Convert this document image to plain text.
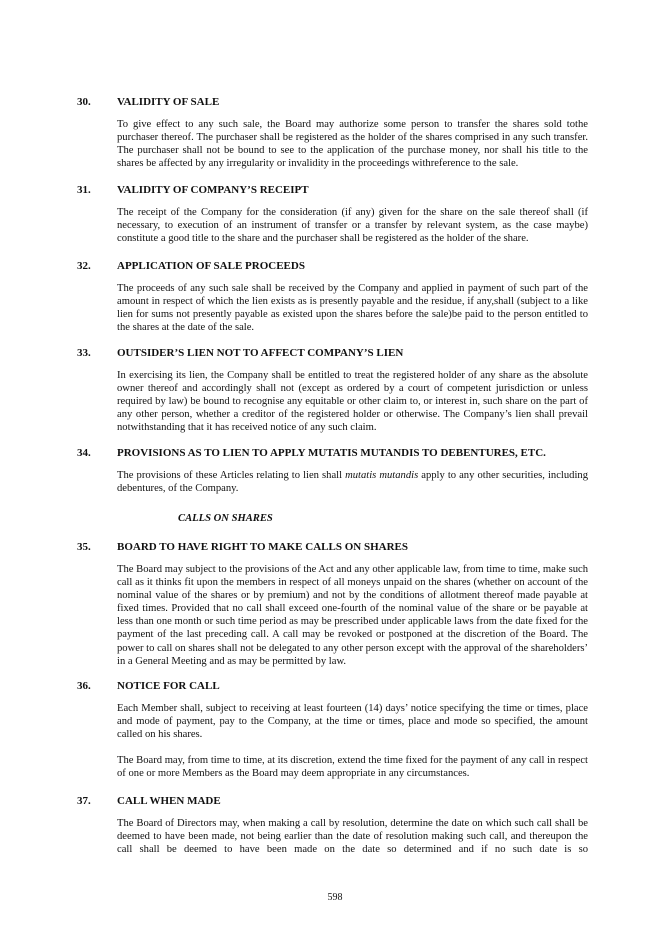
30. VALIDITY OF SALE
To give effect to any such sale, the Board may authorize some person to transfer the shares sold tothe purchaser thereof. The purchaser shall be registered as the holder of the shares comprised in any such transfer. The purchaser shall not be bound to see to the application of the purchase money, nor shall his title to the shares be affected by any irregularity or invalidity in the proceedings withreference to the sale.
31. VALIDITY OF COMPANY’S RECEIPT
The receipt of the Company for the consideration (if any) given for the share on the sale thereof shall (if necessary, to execution of an instrument of transfer or a transfer by relevant system, as the case maybe) constitute a good title to the share and the purchaser shall be registered as the holder of the share.
32. APPLICATION OF SALE PROCEEDS
The proceeds of any such sale shall be received by the Company and applied in payment of such part of the amount in respect of which the lien exists as is presently payable and the residue, if any,shall (subject to a like lien for sums not presently payable as existed upon the shares before the sale)be paid to the person entitled to the shares at the date of the sale.
33. OUTSIDER’S LIEN NOT TO AFFECT COMPANY’S LIEN
In exercising its lien, the Company shall be entitled to treat the registered holder of any share as the absolute owner thereof and accordingly shall not (except as ordered by a court of competent jurisdiction or unless required by law) be bound to recognise any equitable or other claim to, or interest in, such share on the part of any other person, whether a creditor of the registered holder or otherwise. The Company’s lien shall prevail notwithstanding that it has received notice of any such claim.
34. PROVISIONS AS TO LIEN TO APPLY MUTATIS MUTANDIS TO DEBENTURES, ETC.
The provisions of these Articles relating to lien shall mutatis mutandis apply to any other securities, including debentures, of the Company.
CALLS ON SHARES
35. BOARD TO HAVE RIGHT TO MAKE CALLS ON SHARES
The Board may subject to the provisions of the Act and any other applicable law, from time to time, make such call as it thinks fit upon the members in respect of all moneys unpaid on the shares (whether on account of the nominal value of the shares or by premium) and not by the conditions of allotment thereof made payable at fixed times. Provided that no call shall exceed one-fourth of the nominal value of the share or be payable at less than one month or such time period as may be prescribed under applicable laws from the date fixed for the payment of the last preceding call. A call may be revoked or postponed at the discretion of the Board. The power to call on shares shall not be delegated to any other person except with the approval of the shareholders’ in a General Meeting and as may be permitted by law.
36. NOTICE FOR CALL
Each Member shall, subject to receiving at least fourteen (14) days’ notice specifying the time or times, place and mode of payment, pay to the Company, at the time or times, place and mode so specified, the amount called on his shares.
The Board may, from time to time, at its discretion, extend the time fixed for the payment of any call in respect of one or more Members as the Board may deem appropriate in any circumstances.
37. CALL WHEN MADE
The Board of Directors may, when making a call by resolution, determine the date on which such call shall be deemed to have been made, not being earlier than the date of resolution making such call, and thereupon the call shall be deemed to have been made on the date so determined and if no such date is so
598
